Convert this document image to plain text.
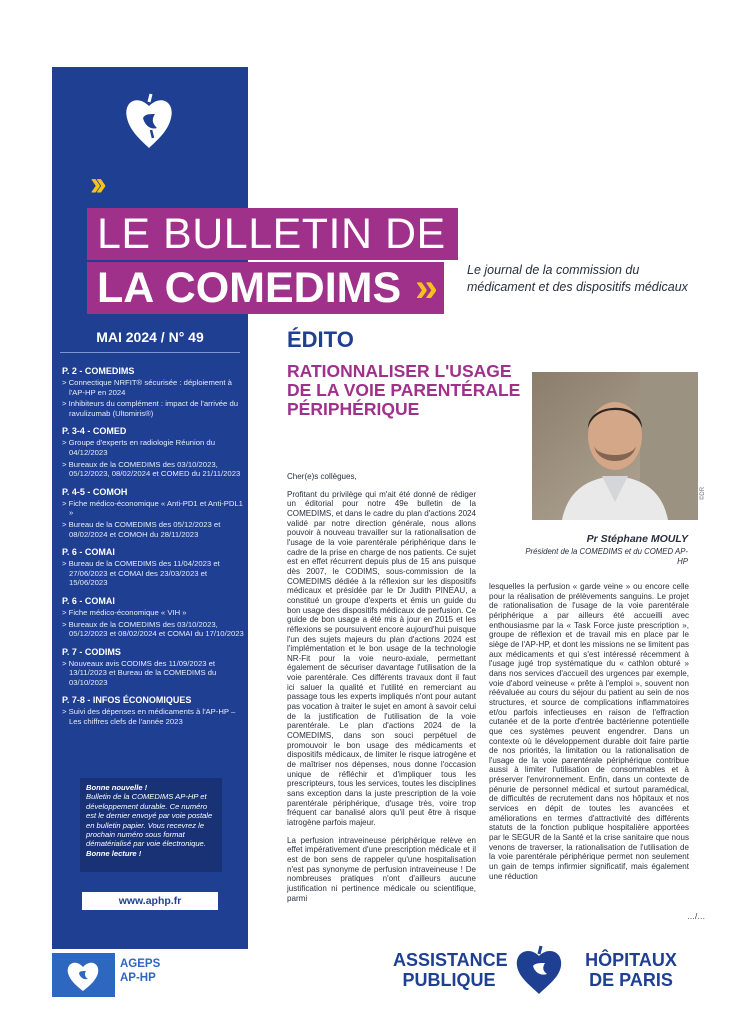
››
LE BULLETIN DE
LA COMEDIMS ››	Le journal de la commission du médicament et des dispositifs médicaux
MAI 2024 / N° 49
P. 2 - COMEDIMS
> Connectique NRFIT® sécurisée : déploiement à l'AP-HP en 2024
> Inhibiteurs du complément : impact de l'arrivée du ravulizumab (Ultomiris®)
P. 3-4 - COMED
> Groupe d'experts en radiologie Réunion du 04/12/2023
> Bureaux de la COMEDIMS des 03/10/2023, 05/12/2023, 08/02/2024 et COMED du 21/11/2023
P. 4-5 - COMOH
> Fiche médico-économique « Anti-PD1 et Anti-PDL1 »
> Bureau de la COMEDIMS des 05/12/2023 et 08/02/2024 et COMOH du 28/11/2023
P. 6 - COMAI
> Bureau de la COMEDIMS des 11/04/2023 et 27/06/2023 et COMAI des 23/03/2023 et 15/06/2023
P. 6 - COMAI
> Fiche médico-économique « VIH »
> Bureaux de la COMEDIMS des 03/10/2023, 05/12/2023 et 08/02/2024 et COMAI du 17/10/2023
P. 7 - CODIMS
> Nouveaux avis CODIMS des 11/09/2023 et 13/11/2023 et Bureau de la COMEDIMS du 03/10/2023
P. 7-8 - INFOS ÉCONOMIQUES
> Suivi des dépenses en médicaments à l'AP-HP – Les chiffres clefs de l'année 2023
Bonne nouvelle !
Bulletin de la COMEDIMS AP-HP et développement durable. Ce numéro est le dernier envoyé par voie postale en bulletin papier. Vous recevrez le prochain numéro sous format dématérialisé par voie électronique.
Bonne lecture !
www.aphp.fr
ÉDITO
RATIONNALISER L'USAGE DE LA VOIE PARENTÉRALE PÉRIPHÉRIQUE
©DR
Pr Stéphane MOULY
Président de la COMEDIMS et du COMED AP-HP

Cher(e)s collègues,

Profitant du privilège qui m'ait été donné de rédiger un éditorial pour notre 49e bulletin de la COMEDIMS, et dans le cadre du plan d'actions 2024 validé par notre direction générale, nous allons pouvoir à nouveau travailler sur la rationalisation de l'usage de la voie parentérale périphérique dans le cadre de la prise en charge de nos patients. Ce sujet est en effet récurrent depuis plus de 15 ans puisque dès 2007, le CODIMS, sous-commission de la COMEDIMS dédiée à la réflexion sur les dispositifs médicaux et présidée par le Dr Judith PINEAU, a constitué un groupe d'experts et émis un guide du bon usage des dispositifs médicaux de perfusion. Ce guide de bon usage a été mis à jour en 2015 et les réflexions se poursuivent encore aujourd'hui puisque l'un des sujets majeurs du plan d'actions 2024 est l'implémentation et le bon usage de la technologie NR-Fit pour la voie neuro-axiale, permettant également de sécuriser davantage l'utilisation de la voie parentérale. Ces différents travaux dont il faut ici saluer la qualité et l'utilité en remerciant au passage tous les experts impliqués n'ont pour autant pas vocation à traiter le sujet en amont à savoir celui de la justification de l'utilisation de la voie parentérale. Le plan d'actions 2024 de la COMEDIMS, dans son souci perpétuel de promouvoir le bon usage des médicaments et dispositifs médicaux, de limiter le risque iatrogène et de maîtriser nos dépenses, nous donne l'occasion unique de réfléchir et d'impliquer tous les prescripteurs, tous les services, toutes les disciplines sans exception dans la juste prescription de la voie parentérale périphérique, d'usage très, voire trop fréquent car banalisé alors qu'il peut être à risque iatrogène parfois majeur.

La perfusion intraveineuse périphérique relève en effet impérativement d'une prescription médicale et il est de bon sens de rappeler qu'une hospitalisation n'est pas synonyme de perfusion intraveineuse ! De nombreuses pratiques n'ont d'ailleurs aucune justification ni pertinence médicale ou scientifique, parmi

lesquelles la perfusion « garde veine » ou encore celle pour la réalisation de prélèvements sanguins. Le projet de rationalisation de l'usage de la voie parentérale périphérique a par ailleurs été accueilli avec enthousiasme par la « Task Force juste prescription », groupe de réflexion et de travail mis en place par le siège de l'AP-HP, et dont les missions ne se limitent pas aux médicaments et qui s'est intéressé récemment à l'usage jugé trop systématique du « cathlon obturé » dans nos services d'accueil des urgences par exemple, voie d'abord veineuse « prête à l'emploi », souvent non réévaluée au cours du séjour du patient au sein de nos structures, et source de complications inflammatoires et/ou parfois infectieuses en raison de l'effraction cutanée et de la porte d'entrée bactérienne potentielle que ces systèmes peuvent engendrer. Dans un contexte où le développement durable doit faire partie de nos priorités, la limitation ou la rationalisation de l'usage de la voie parentérale périphérique contribue aussi à limiter l'utilisation de consommables et à préserver l'environnement. Enfin, dans un contexte de pénurie de personnel médical et surtout paramédical, de difficultés de recrutement dans nos hôpitaux et nos services en dépit de toutes les avancées et améliorations en termes d'attractivité des différents statuts de la fonction publique hospitalière apportées par le SEGUR de la Santé et la crise sanitaire que nous venons de traverser, la rationalisation de l'utilisation de la voie parentérale périphérique permet non seulement un gain de temps infirmier significatif, mais également une réduction

…/…
AGEPS
AP-HP
ASSISTANCE
PUBLIQUE
HÔPITAUX
DE PARIS
